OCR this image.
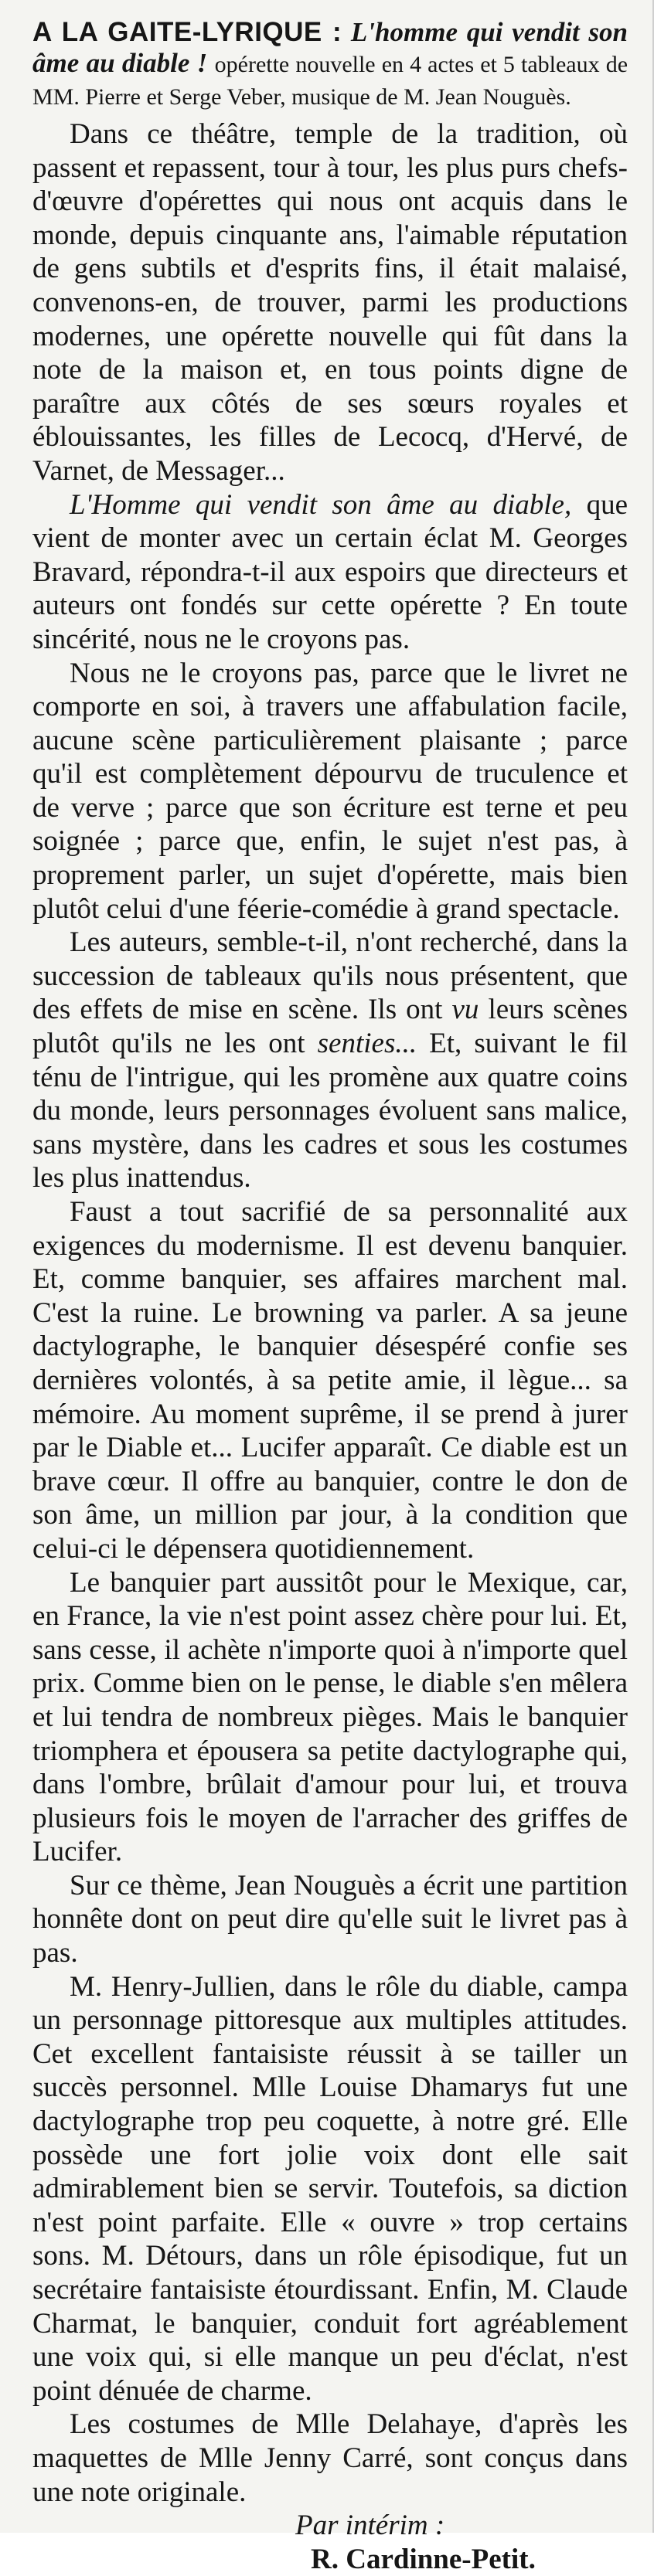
A LA GAITE-LYRIQUE : L'homme qui vendit son âme au diable ! opérette nouvelle en 4 actes et 5 tableaux de MM. Pierre et Serge Veber, musique de M. Jean Nouguès.

Dans ce théâtre, temple de la tradition, où passent et repassent, tour à tour, les plus purs chefs-d'œuvre d'opérettes qui nous ont acquis dans le monde, depuis cinquante ans, l'aimable réputation de gens subtils et d'esprits fins, il était malaisé, convenons-en, de trouver, parmi les productions modernes, une opérette nouvelle qui fût dans la note de la maison et, en tous points digne de paraître aux côtés de ses sœurs royales et éblouissantes, les filles de Lecocq, d'Hervé, de Varnet, de Messager...

L'Homme qui vendit son âme au diable, que vient de monter avec un certain éclat M. Georges Bravard, répondra-t-il aux espoirs que directeurs et auteurs ont fondés sur cette opérette ? En toute sincérité, nous ne le croyons pas.

Nous ne le croyons pas, parce que le livret ne comporte en soi, à travers une affabulation facile, aucune scène particulièrement plaisante ; parce qu'il est complètement dépourvu de truculence et de verve ; parce que son écriture est terne et peu soignée ; parce que, enfin, le sujet n'est pas, à proprement parler, un sujet d'opérette, mais bien plutôt celui d'une féerie-comédie à grand spectacle.

Les auteurs, semble-t-il, n'ont recherché, dans la succession de tableaux qu'ils nous présentent, que des effets de mise en scène. Ils ont vu leurs scènes plutôt qu'ils ne les ont senties... Et, suivant le fil ténu de l'intrigue, qui les promène aux quatre coins du monde, leurs personnages évoluent sans malice, sans mystère, dans les cadres et sous les costumes les plus inattendus.

Faust a tout sacrifié de sa personnalité aux exigences du modernisme. Il est devenu banquier. Et, comme banquier, ses affaires marchent mal. C'est la ruine. Le browning va parler. A sa jeune dactylographe, le banquier désespéré confie ses dernières volontés, à sa petite amie, il lègue... sa mémoire. Au moment suprême, il se prend à jurer par le Diable et... Lucifer apparaît. Ce diable est un brave cœur. Il offre au banquier, contre le don de son âme, un million par jour, à la condition que celui-ci le dépensera quotidiennement.

Le banquier part aussitôt pour le Mexique, car, en France, la vie n'est point assez chère pour lui. Et, sans cesse, il achète n'importe quoi à n'importe quel prix. Comme bien on le pense, le diable s'en mêlera et lui tendra de nombreux pièges. Mais le banquier triomphera et épousera sa petite dactylographe qui, dans l'ombre, brûlait d'amour pour lui, et trouva plusieurs fois le moyen de l'arracher des griffes de Lucifer.

Sur ce thème, Jean Nouguès a écrit une partition honnête dont on peut dire qu'elle suit le livret pas à pas.

M. Henry-Jullien, dans le rôle du diable, campa un personnage pittoresque aux multiples attitudes. Cet excellent fantaisiste réussit à se tailler un succès personnel. Mlle Louise Dhamarys fut une dactylographe trop peu coquette, à notre gré. Elle possède une fort jolie voix dont elle sait admirablement bien se servir. Toutefois, sa diction n'est point parfaite. Elle « ouvre » trop certains sons. M. Détours, dans un rôle épisodique, fut un secrétaire fantaisiste étourdissant. Enfin, M. Claude Charmat, le banquier, conduit fort agréablement une voix qui, si elle manque un peu d'éclat, n'est point dénuée de charme.

Les costumes de Mlle Delahaye, d'après les maquettes de Mlle Jenny Carré, sont conçus dans une note originale.

Par intérim :

R. Cardinne-Petit.
